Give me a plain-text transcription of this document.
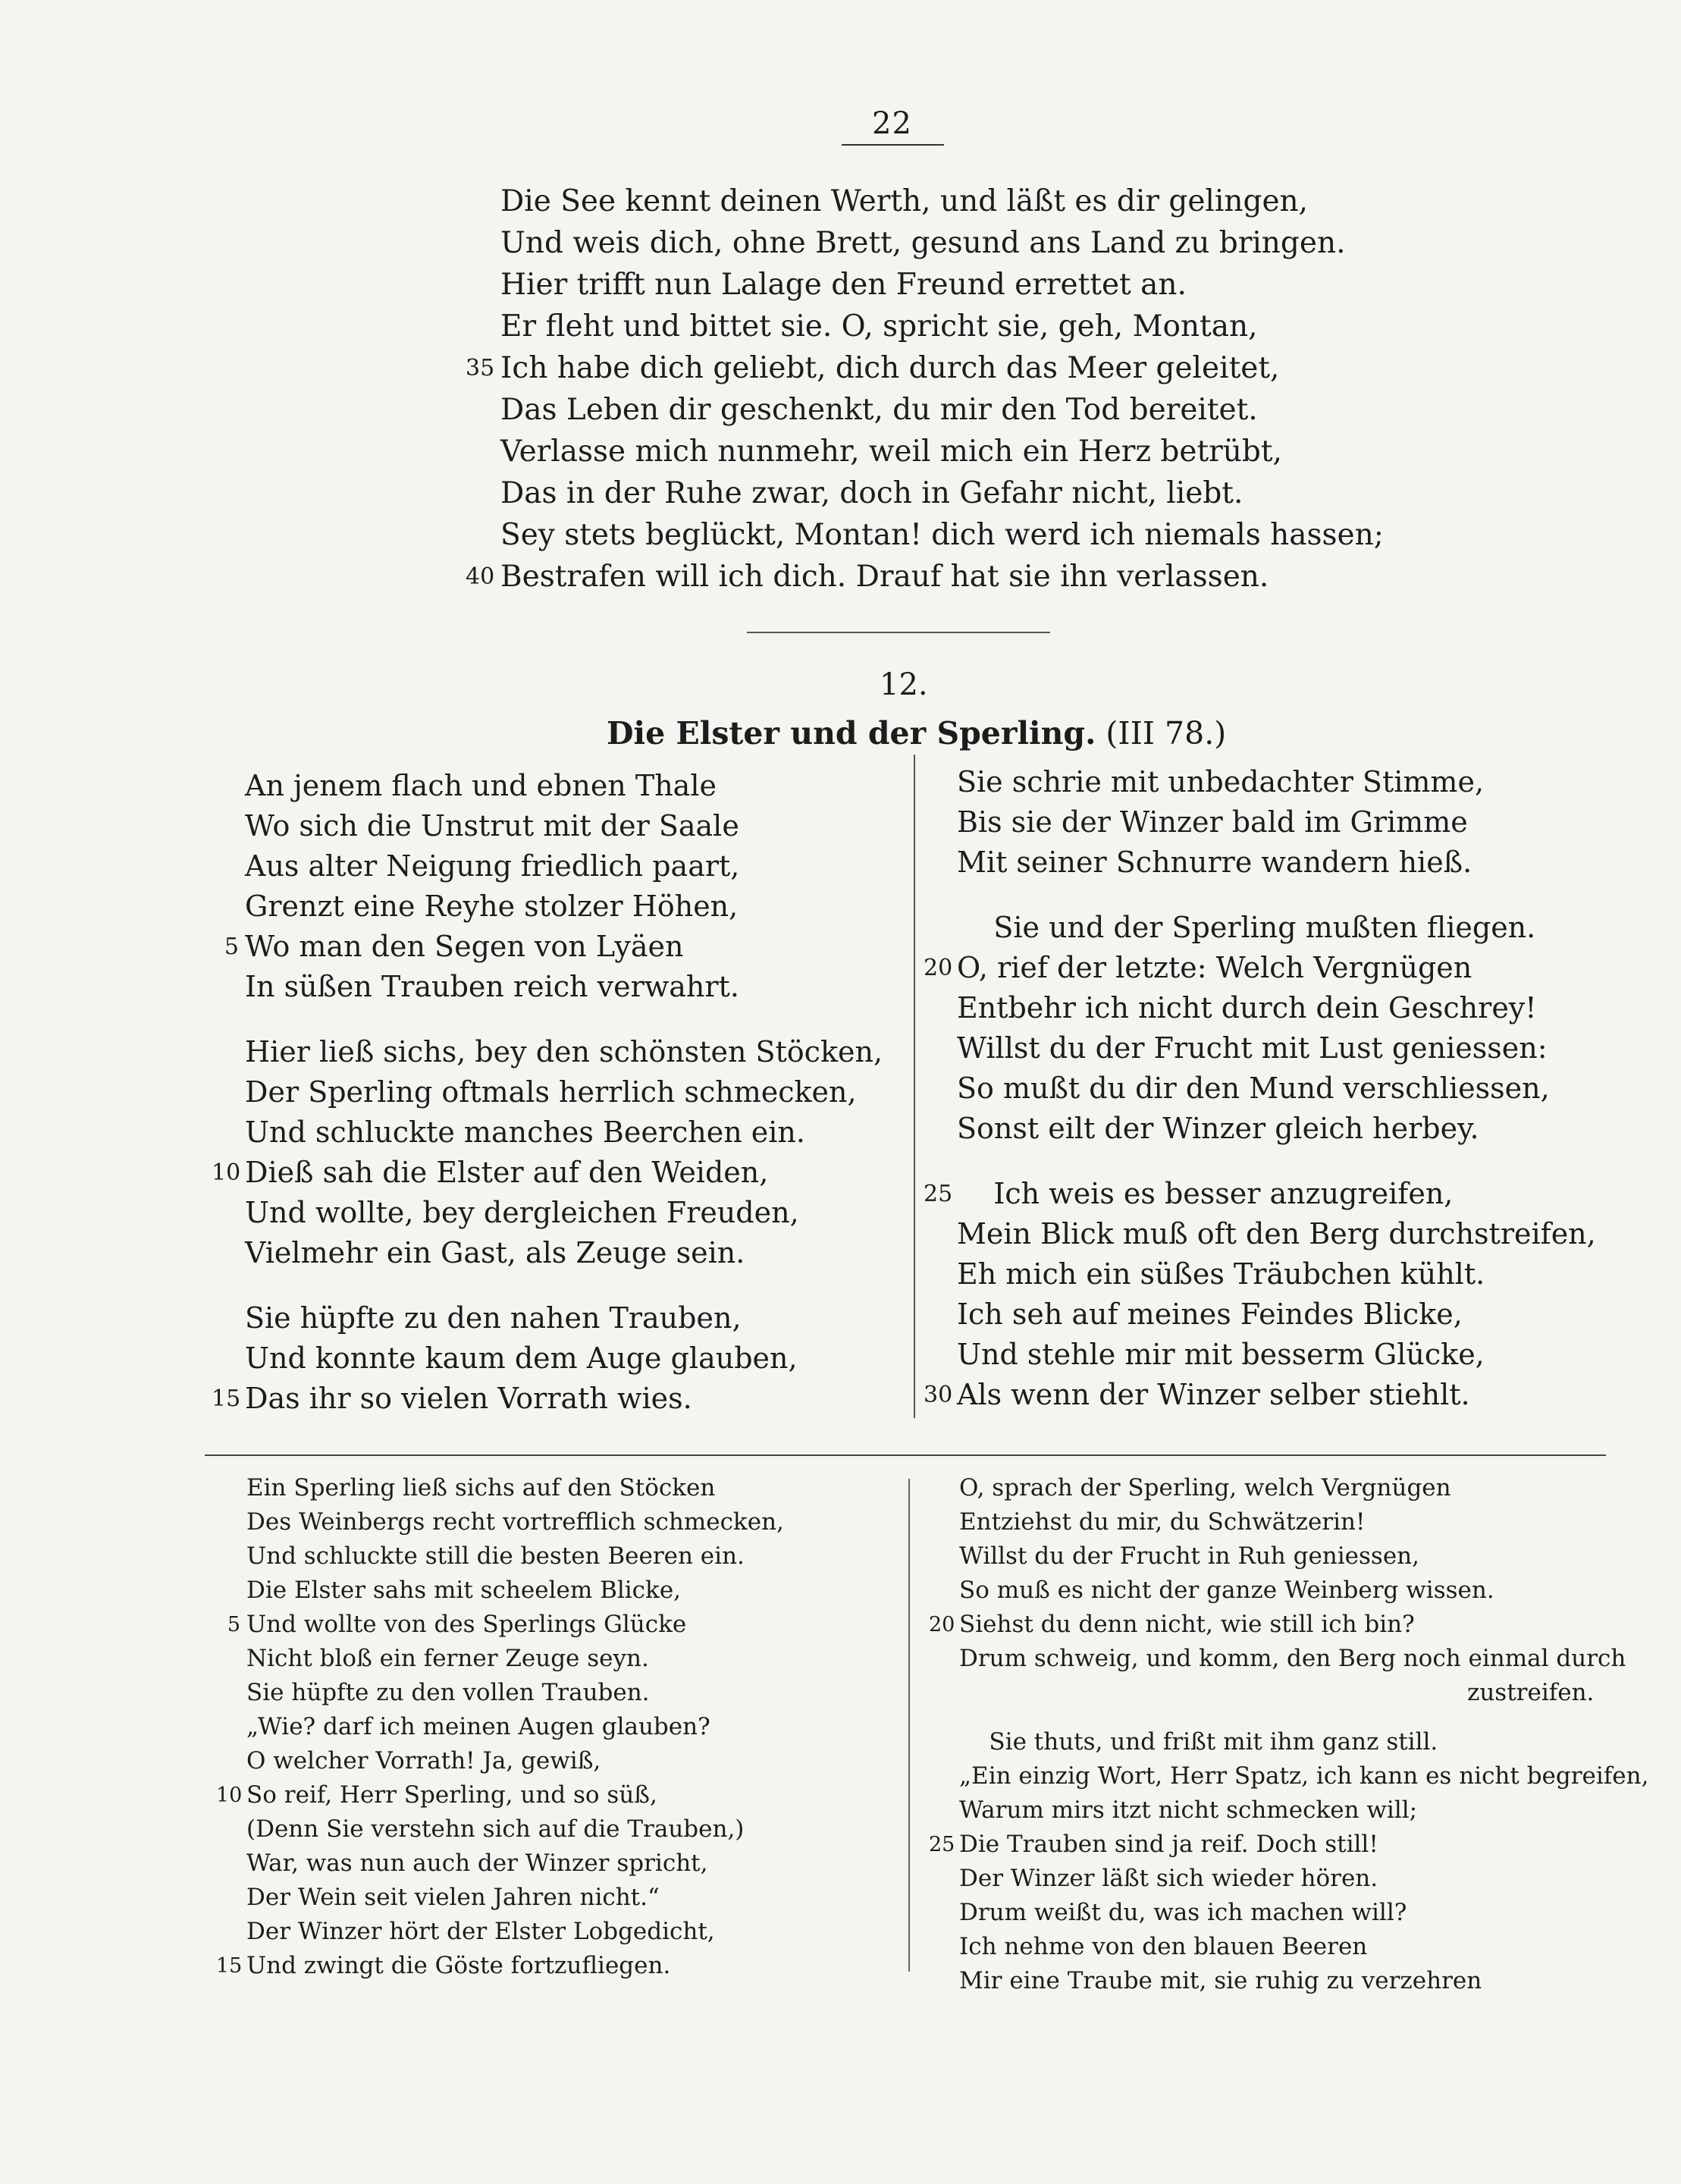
22
Die See kennt deinen Werth, und läßt es dir gelingen,
Und weis dich, ohne Brett, gesund ans Land zu bringen.
Hier trifft nun Lalage den Freund errettet an.
Er fleht und bittet sie. O, spricht sie, geh, Montan,
35 Ich habe dich geliebt, dich durch das Meer geleitet,
Das Leben dir geschenkt, du mir den Tod bereitet.
Verlasse mich nunmehr, weil mich ein Herz betrübt,
Das in der Ruhe zwar, doch in Gefahr nicht, liebt.
Sey stets beglückt, Montan! dich werd ich niemals hassen;
40 Bestrafen will ich dich. Drauf hat sie ihn verlassen.
12.
Die Elster und der Sperling. (III 78.)
An jenem flach und ebnen Thale
Wo sich die Unstrut mit der Saale
Aus alter Neigung friedlich paart,
Grenzt eine Reyhe stolzer Höhen,
5 Wo man den Segen von Lyäen
In süßen Trauben reich verwahrt.
Hier ließ sichs, bey den schönsten Stöcken,
Der Sperling oftmals herrlich schmecken,
Und schluckte manches Beerchen ein.
10 Dieß sah die Elster auf den Weiden,
Und wollte, bey dergleichen Freuden,
Vielmehr ein Gast, als Zeuge sein.
Sie hüpfte zu den nahen Trauben,
Und konnte kaum dem Auge glauben,
15 Das ihr so vielen Vorrath wies.
Sie schrie mit unbedachter Stimme,
Bis sie der Winzer bald im Grimme
Mit seiner Schnurre wandern hieß.
Sie und der Sperling mußten fliegen.
20 O, rief der letzte: Welch Vergnügen
Entbehr ich nicht durch dein Geschrey!
Willst du der Frucht mit Lust geniessen:
So mußt du dir den Mund verschliessen,
Sonst eilt der Winzer gleich herbey.
25 Ich weis es besser anzugreifen,
Mein Blick muß oft den Berg durchstreifen,
Eh mich ein süßes Träubchen kühlt.
Ich seh auf meines Feindes Blicke,
Und stehle mir mit besserm Glücke,
30 Als wenn der Winzer selber stiehlt.
Ein Sperling ließ sichs auf den Stöcken
Des Weinbergs recht vortrefflich schmecken,
Und schluckte still die besten Beeren ein.
Die Elster sahs mit scheelem Blicke,
5 Und wollte von des Sperlings Glücke
Nicht bloß ein ferner Zeuge seyn.
Sie hüpfte zu den vollen Trauben.
„Wie? darf ich meinen Augen glauben?
O welcher Vorrath! Ja, gewiß,
10 So reif, Herr Sperling, und so süß,
(Denn Sie verstehn sich auf die Trauben,)
War, was nun auch der Winzer spricht,
Der Wein seit vielen Jahren nicht.“
Der Winzer hört der Elster Lobgedicht,
15 Und zwingt die Göste fortzufliegen.
O, sprach der Sperling, welch Vergnügen
Entziehst du mir, du Schwätzerin!
Willst du der Frucht in Ruh geniessen,
So muß es nicht der ganze Weinberg wissen.
20 Siehst du denn nicht, wie still ich bin?
Drum schweig, und komm, den Berg noch einmal durch
zustreifen.
Sie thuts, und frißt mit ihm ganz still.
„Ein einzig Wort, Herr Spatz, ich kann es nicht begreifen,
Warum mirs itzt nicht schmecken will;
25 Die Trauben sind ja reif. Doch still!
Der Winzer läßt sich wieder hören.
Drum weißt du, was ich machen will?
Ich nehme von den blauen Beeren
Mir eine Traube mit, sie ruhig zu verzehren
